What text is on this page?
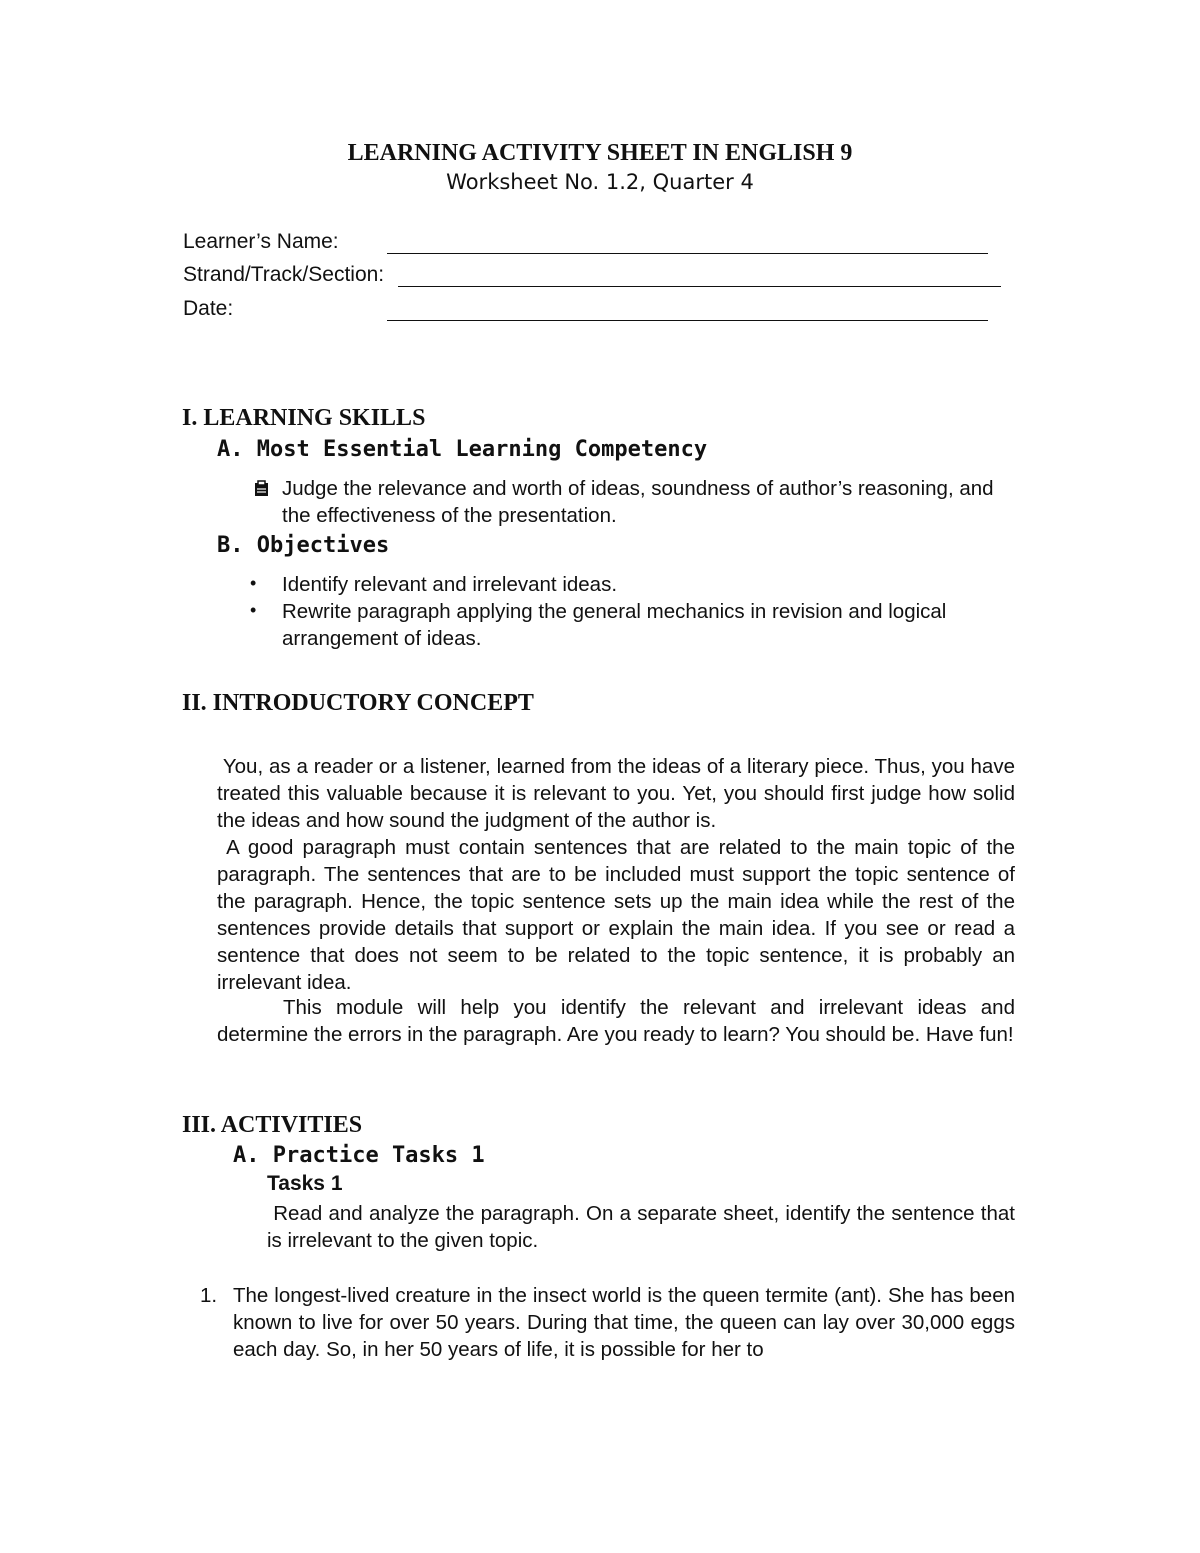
LEARNING ACTIVITY SHEET IN ENGLISH 9
Worksheet No. 1.2, Quarter 4
Learner’s Name:
Strand/Track/Section:
Date:
I. LEARNING SKILLS
A. Most Essential Learning Competency
Judge the relevance and worth of ideas, soundness of author’s reasoning, and the effectiveness of the presentation.
B. Objectives
• Identify relevant and irrelevant ideas.
• Rewrite paragraph applying the general mechanics in revision and logical arrangement of ideas.
II. INTRODUCTORY CONCEPT
You, as a reader or a listener, learned from the ideas of a literary piece. Thus, you have treated this valuable because it is relevant to you. Yet, you should first judge how solid the ideas and how sound the judgment of the author is.
A good paragraph must contain sentences that are related to the main topic of the paragraph. The sentences that are to be included must support the topic sentence of the paragraph. Hence, the topic sentence sets up the main idea while the rest of the sentences provide details that support or explain the main idea. If you see or read a sentence that does not seem to be related to the topic sentence, it is probably an irrelevant idea.
This module will help you identify the relevant and irrelevant ideas and determine the errors in the paragraph. Are you ready to learn? You should be. Have fun!
III. ACTIVITIES
A. Practice Tasks 1
Tasks 1
Read and analyze the paragraph. On a separate sheet, identify the sentence that is irrelevant to the given topic.
1. The longest-lived creature in the insect world is the queen termite (ant). She has been known to live for over 50 years. During that time, the queen can lay over 30,000 eggs each day. So, in her 50 years of life, it is possible for her to
